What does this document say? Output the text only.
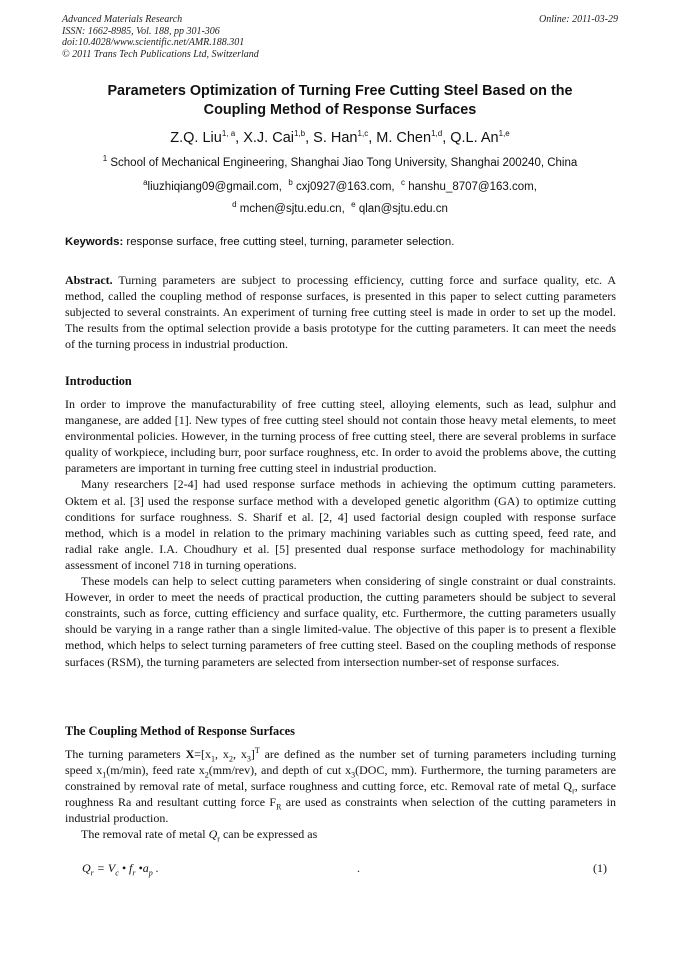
Advanced Materials Research
ISSN: 1662-8985, Vol. 188, pp 301-306
doi:10.4028/www.scientific.net/AMR.188.301
© 2011 Trans Tech Publications Ltd, Switzerland
Online: 2011-03-29
Parameters Optimization of Turning Free Cutting Steel Based on the
Coupling Method of Response Surfaces
Z.Q. Liu$^{1, a}$, X.J. Cai$^{1,b}$, S. Han$^{1,c}$, M. Chen$^{1,d}$, Q.L. An$^{1,e}$
$^1$ School of Mechanical Engineering, Shanghai Jiao Tong University, Shanghai 200240, China
$^a$liuzhiqiang09@gmail.com, $^b$ cxj0927@163.com, $^c$ hanshu_8707@163.com,
$^d$ mchen@sjtu.edu.cn, $^e$ qlan@sjtu.edu.cn
Keywords: response surface, free cutting steel, turning, parameter selection.

Abstract. Turning parameters are subject to processing efficiency, cutting force and surface quality, etc. A method, called the coupling method of response surfaces, is presented in this paper to select cutting parameters subjected to several constraints. An experiment of turning free cutting steel is made in order to set up the model. The results from the optimal selection provide a basis prototype for the cutting parameters. It can meet the needs of the turning process in industrial production.

Introduction

In order to improve the manufacturability of free cutting steel, alloying elements, such as lead, sulphur and manganese, are added [1]. New types of free cutting steel should not contain those heavy metal elements, to meet environmental policies. However, in the turning process of free cutting steel, there are several problems in surface quality of workpiece, including burr, poor surface roughness, etc. In order to avoid the problems above, the cutting parameters are important in turning free cutting steel in industrial production.

Many researchers [2-4] had used response surface methods in achieving the optimum cutting parameters. Oktem et al. [3] used the response surface method with a developed genetic algorithm (GA) to optimize cutting conditions for surface roughness. S. Sharif et al. [2, 4] used factorial design coupled with response surface method, which is a model in relation to the primary machining variables such as cutting speed, feed rate, and radial rake angle. I.A. Choudhury et al. [5] presented dual response surface methodology for machinability assessment of inconel 718 in turning operations.

These models can help to select cutting parameters when considering of single constraint or dual constraints. However, in order to meet the needs of practical production, the cutting parameters should be subject to several constraints, such as force, cutting efficiency and surface quality, etc. Furthermore, the cutting parameters usually should be varying in a range rather than a single limited-value. The objective of this paper is to present a flexible method, which helps to select turning parameters of free cutting steel. Based on the coupling methods of response surfaces (RSM), the turning parameters are selected from intersection number-set of response surfaces.

The Coupling Method of Response Surfaces

The turning parameters $X=[x_1$, $x_2$, $x_3]^T$ are defined as the number set of turning parameters including turning speed $x_1(m/\min)$, feed rate $x_2(mm/rev)$, and depth of cut $x_3(DOC$, mm). Furthermore, the turning parameters are constrained by removal rate of metal, surface roughness and cutting force, etc. Removal rate of metal $Q_r$, surface roughness Ra and resultant cutting force $F_R$ are used as constraints when selection of the cutting parameters in industrial production.

The removal rate of metal $Q_r$ can be expressed as

$Q_r = V_c$ • $f_r$ $•a_p$ .	.	(1)
